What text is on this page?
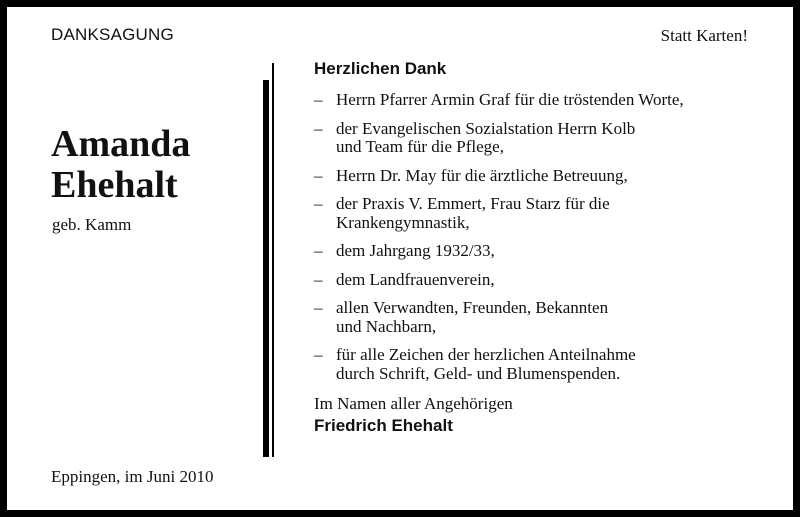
DANKSAGUNG	Statt Karten!
Amanda
Ehehalt
geb. Kamm
Eppingen, im Juni 2010
Herzlichen Dank
– Herrn Pfarrer Armin Graf für die tröstenden Worte,
– der Evangelischen Sozialstation Herrn Kolb
und Team für die Pflege,
– Herrn Dr. May für die ärztliche Betreuung,
– der Praxis V. Emmert, Frau Starz für die
Krankengymnastik,
– dem Jahrgang 1932/33,
– dem Landfrauenverein,
– allen Verwandten, Freunden, Bekannten
und Nachbarn,
– für alle Zeichen der herzlichen Anteilnahme
durch Schrift, Geld- und Blumenspenden.
Im Namen aller Angehörigen
Friedrich Ehehalt
